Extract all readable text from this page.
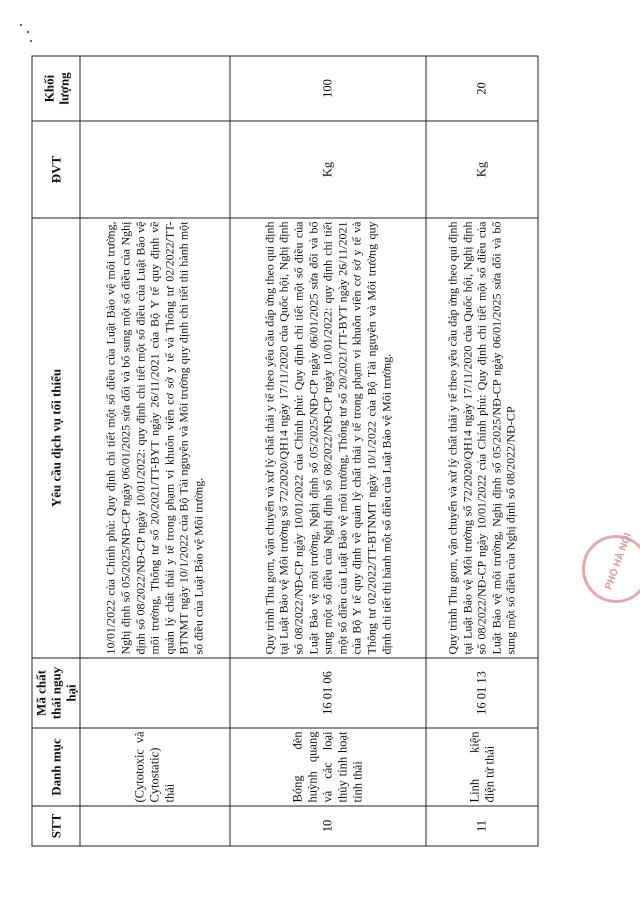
STT	Danh mục	Mã chất thải nguy hại	Yêu cầu dịch vụ tối thiểu	ĐVT	Khối lượng
	(Cytotoxic và Cytostatic) thải		10/01/2022 của Chính phủ: Quy định chi tiết một số điều của Luật Bảo vệ môi trường, Nghị định số 05/2025/NĐ-CP ngày 06/01/2025 sửa đổi và bổ sung một số điều của Nghị định số 08/2022/NĐ-CP ngày 10/01/2022: quy định chi tiết một số điều của Luật Bảo vệ môi trường, Thông tư số 20/2021/TT-BYT ngày 26/11/2021 của Bộ Y tế quy định về quản lý chất thải y tế trong phạm vi khuôn viên cơ sở y tế và Thông tư 02/2022/TT-BTNMT ngày 10/1/2022 của Bộ Tài nguyên và Môi trường quy định chi tiết thi hành một số điều của Luật Bảo vệ Môi trường.		
10	Bóng đèn huỳnh quang và các loại thủy tinh hoạt tính thải	16 01 06	Quy trình Thu gom, vận chuyển và xử lý chất thải y tế theo yêu cầu đáp ứng theo qui định tại Luật Bảo vệ Môi trường số 72/2020/QH14 ngày 17/11/2020 của Quốc hội, Nghị định số 08/2022/NĐ-CP ngày 10/01/2022 của Chính phủ: Quy định chi tiết một số điều của Luật Bảo vệ môi trường, Nghị định số 05/2025/NĐ-CP ngày 06/01/2025 sửa đổi và bổ sung một số điều của Nghị định số 08/2022/NĐ-CP ngày 10/01/2022: quy định chi tiết một số điều của Luật Bảo vệ môi trường, Thông tư số 20/2021/TT-BYT ngày 26/11/2021 của Bộ Y tế quy định về quản lý chất thải y tế trong phạm vi khuôn viên cơ sở y tế và Thông tư 02/2022/TT-BTNMT ngày 10/1/2022 của Bộ Tài nguyên và Môi trường quy định chi tiết thi hành một số điều của Luật Bảo vệ Môi trường.	Kg	100
11	Linh kiện điện tử thải	16 01 13	Quy trình Thu gom, vận chuyển và xử lý chất thải y tế theo yêu cầu đáp ứng theo qui định tại Luật Bảo vệ Môi trường số 72/2020/QH14 ngày 17/11/2020 của Quốc hội, Nghị định số 08/2022/NĐ-CP ngày 10/01/2022 của Chính phủ: Quy định chi tiết một số điều của Luật Bảo vệ môi trường, Nghị định số 05/2025/NĐ-CP ngày 06/01/2025 sửa đổi và bổ sung một số điều của Nghị định số 08/2022/NĐ-CP	Kg	20
PHỐ HÀ NỘI
